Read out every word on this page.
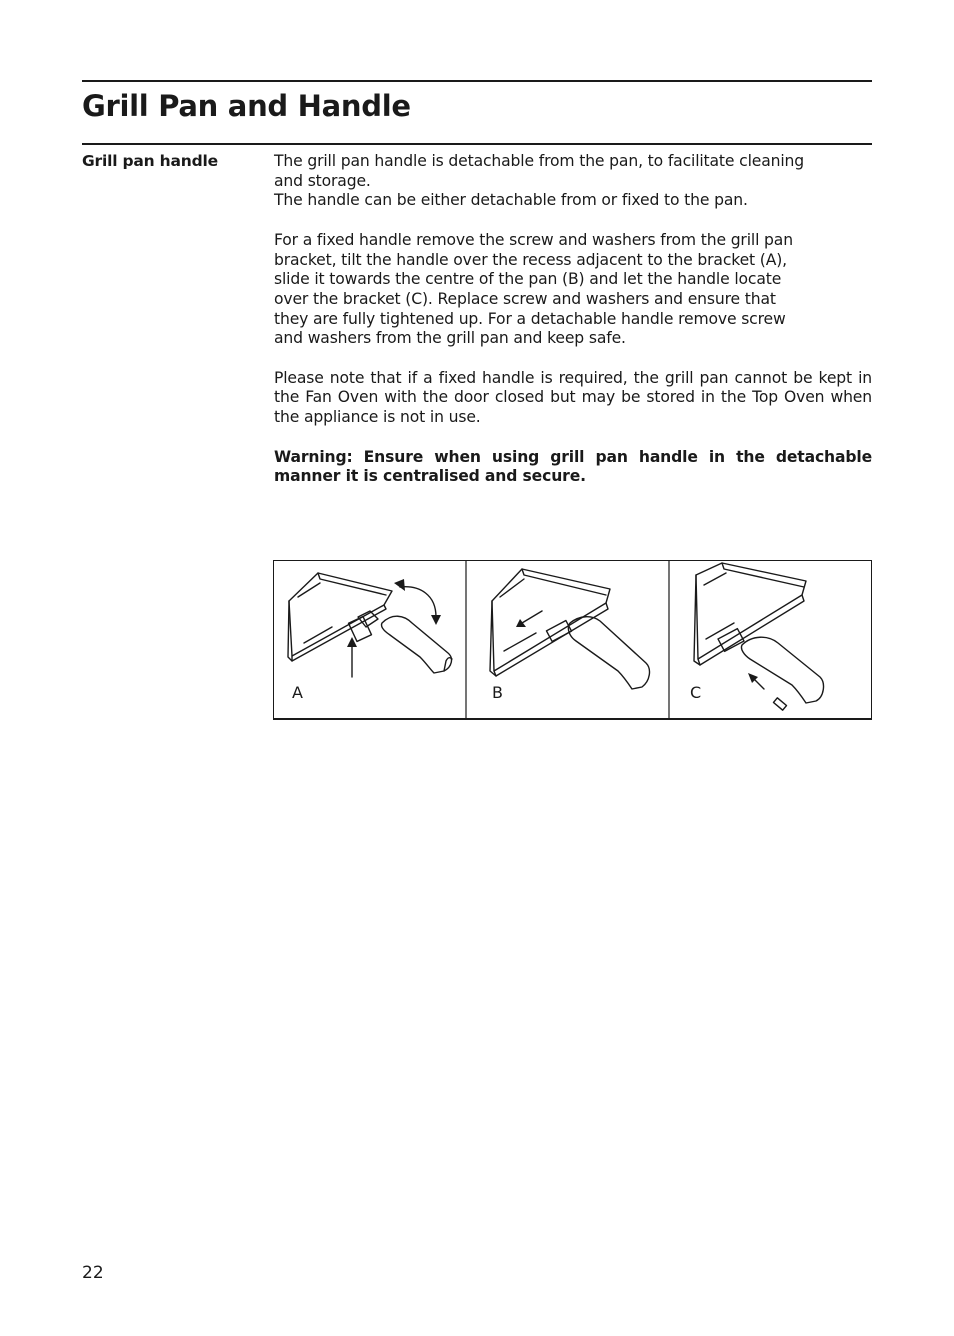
Grill Pan and Handle
Grill pan handle	The grill pan handle is detachable from the pan, to facilitate cleaning
and storage.
The handle can be either detachable from or fixed to the pan.

For a fixed handle remove the screw and washers from the grill pan
bracket, tilt the handle over the recess adjacent to the bracket (A),
slide it towards the centre of the pan (B) and let the handle locate
over the bracket (C). Replace screw and washers and ensure that
they are fully tightened up. For a detachable handle remove screw
and washers from the grill pan and keep safe.

Please note that if a fixed handle is required, the grill pan cannot be kept in the Fan Oven with the door closed but may be stored in the Top Oven when the appliance is not in use.

Warning: Ensure when using grill pan handle in the detachable manner it is centralised and secure.

A	B	C
22
